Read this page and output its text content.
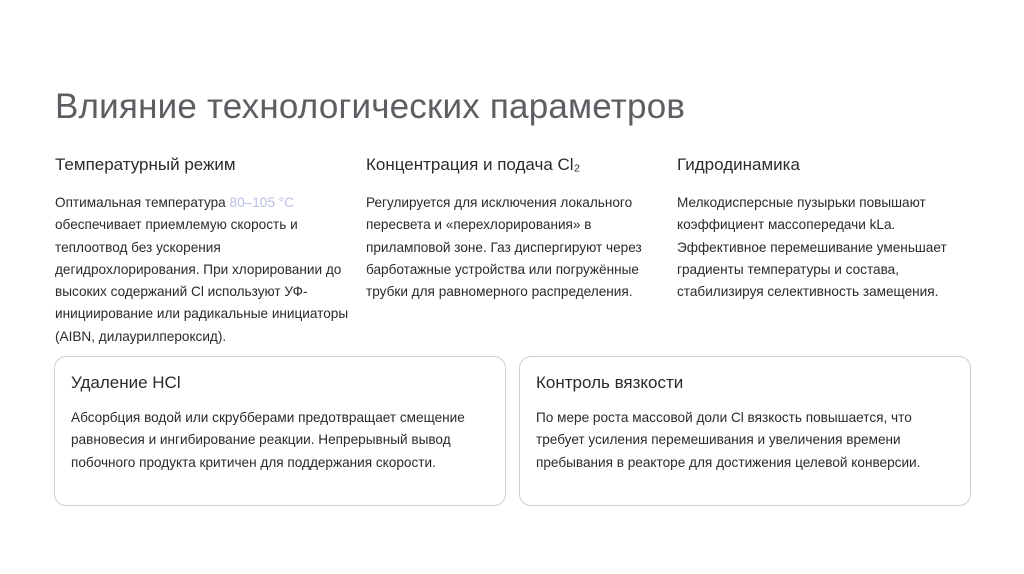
Влияние технологических параметров
Температурный режим

Оптимальная температура 80–105 °C обеспечивает приемлемую скорость и теплоотвод без ускорения дегидрохлорирования. При хлорировании до высоких содержаний Cl используют УФ-инициирование или радикальные инициаторы (AIBN, дилаурилпероксид).

Концентрация и подача Cl₂

Регулируется для исключения локального пересвета и «перехлорирования» в прилампoвой зоне. Газ диспергируют через барботажные устройства или погружённые трубки для равномерного распределения.

Гидродинамика

Мелкодисперсные пузырьки повышают коэффициент массопередачи kLa. Эффективное перемешивание уменьшает градиенты температуры и состава, стабилизируя селективность замещения.

Удаление HCl

Абсорбция водой или скрубберами предотвращает смещение равновесия и ингибирование реакции. Непрерывный вывод побочного продукта критичен для поддержания скорости.

Контроль вязкости

По мере роста массовой доли Cl вязкость повышается, что требует усиления перемешивания и увеличения времени пребывания в реакторе для достижения целевой конверсии.
